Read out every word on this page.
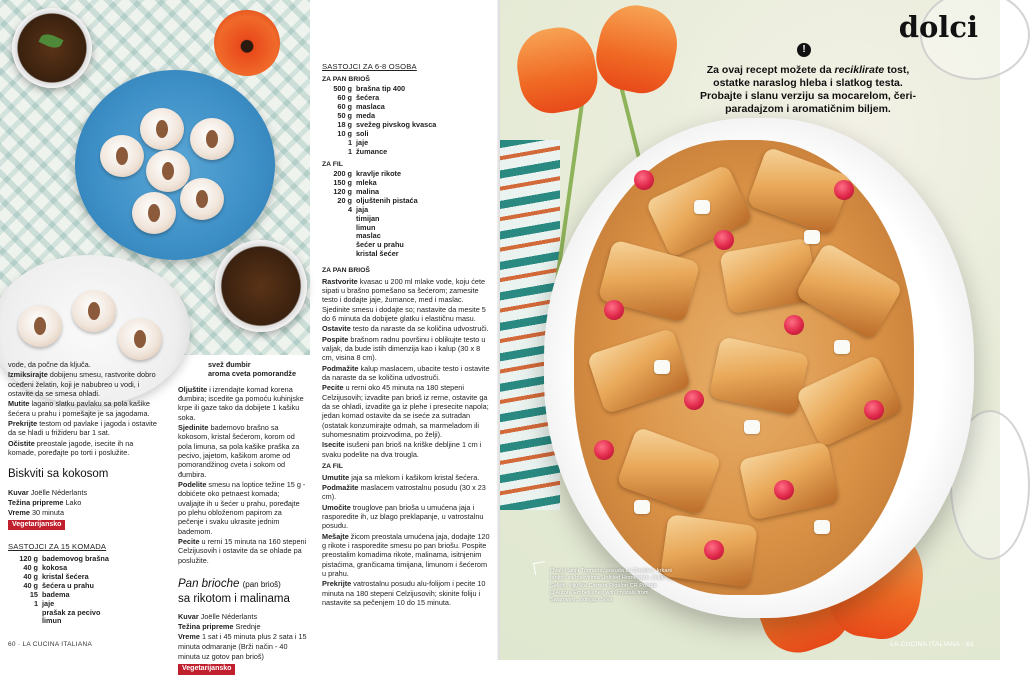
vode, da počne da ključa.

Izmiksirajte dobijenu smesu, rastvorite dobro oceđeni želatin, koji je nabubreo u vodi, i ostavite da se smesa ohladi.

Mutite lagano slatku pavlaku sa pola kašike šećera u prahu i pomešajte je sa jagodama.

Prekrijte testom od pavlake i jagoda i ostavite da se hladi u frižideru bar 1 sat.

Očistite preostale jagode, isecite ih na komade, poređajte po torti i poslužite.

Biskviti sa kokosom
Kuvar Joëlle Néderlants
Težina pripreme Lako
Vreme 30 minuta
Vegetarijansko
SASTOJCI ZA 15 KOMADA
120 g bademovog brašna
40 g kokosa
40 g kristal šećera
40 g šećera u prahu
15 badema
1 jaje
prašak za pecivo
limun
svež đumbir
aroma cveta pomorandže

Oljuštite i izrendajte komad korena đumbira; iscedite ga pomoću kuhinjske krpe ili gaze tako da dobijete 1 kašiku soka.

Sjedinite bademovo brašno sa kokosom, kristal šećerom, korom od pola limuna, sa pola kašike praška za pecivo, jajetom, kašikom arome od pomorandžinog cveta i sokom od đumbira.

Podelite smesu na loptice težine 15 g - dobićete oko petnaest komada; uvaljajte ih u šećer u prahu, poređajte po plehu obloženom papirom za pečenje i svaku ukrasite jednim bademom.

Pecite u rerni 15 minuta na 160 stepeni Celzijusovih i ostavite da se ohlade pa poslužite.

Pan brioche (pan brioš)
sa rikotom i malinama
Kuvar Joëlle Néderlants
Težina pripreme Srednje
Vreme 1 sat i 45 minuta plus 2 sata i 15 minuta odmaranje (Brži način - 40 minuta uz gotov pan brioš)
Vegetarijansko
SASTOJCI ZA 6-8 OSOBA
ZA PAN BRIOŠ
500 g brašna tip 400
60 g šećera
60 g maslaca
50 g meda
18 g svežeg pivskog kvasca
10 g soli
1 jaje
1 žumance
ZA FIL
200 g kravlje rikote
150 g mleka
120 g malina
20 g oljuštenih pistaća
4 jaja
timijan
limun
maslac
šećer u prahu
kristal šećer
ZA PAN BRIOŠ

Rastvorite kvasac u 200 ml mlake vode, koju ćete sipati u brašno pomešano sa šećerom; zamesite testo i dodajte jaje, žumance, med i maslac. Sjedinite smesu i dodajte so; nastavite da mesite 5 do 6 minuta da dobijete glatku i elastičnu masu.

Ostavite testo da naraste da se količina udvostruči.

Pospite brašnom radnu površinu i oblikujte testo u valjak, da bude istih dimenzija kao i kalup (30 x 8 cm, visina 8 cm).

Podmažite kalup maslacem, ubacite testo i ostavite da naraste da se količina udvostruči.

Pecite u rerni oko 45 minuta na 180 stepeni Celzijusovih; izvadite pan brioš iz rerne, ostavite ga da se ohladi, izvadite ga iz plehe i presecite napola; jedan komad ostavite da se iseće za sutradan (ostatak konzumirajte odmah, sa marmeladom ili suhomesnatim proizvodima, po želji).

Isecite isušeni pan brioš na kriške debljine 1 cm i svaku podelite na dva trougla.

ZA FIL

Umutite jaja sa mlekom i kašikom kristal šećera.

Podmažite maslacem vatrostalnu posudu (30 x 23 cm).

Umočite trouglove pan brioša u umućena jaja i rasporedite ih, uz blago preklapanje, u vatrostalnu posudu.

Mešajte žicom preostala umućena jaja, dodajte 120 g rikote i rasporedite smesu po pan briošu. Pospite preostalim komadima rikote, malinama, isitnjenim pistaćima, grančicama timijana, limunom i šećerom u prahu.

Prekrijte vatrostalnu posudu alu-folijom i pecite 10 minuta na 180 stepeni Celzijusovih; skinite foliju i nastavite sa pečenjem 10 do 15 minuta.

60 · LA CUCINA ITALIANA
dolci
!
Za ovaj recept možete da reciklirate tost, ostatke naraslog hleba i slatkog testa. Probajte i slanu verziju sa mocarelom, čeri-paradajzom i aromatičnim biljem.
Ovalni tanjir Tognana, posuda La DoubleJ, krkani tanjirić sa biskvitima Untitled Homeware, šolja Seletti, viljuška Carrera Rigalon CR Posate D’Autore Embellished with crystals from Swarovski, stolnjaci Silva
LA CUCINA ITALIANA · 61
